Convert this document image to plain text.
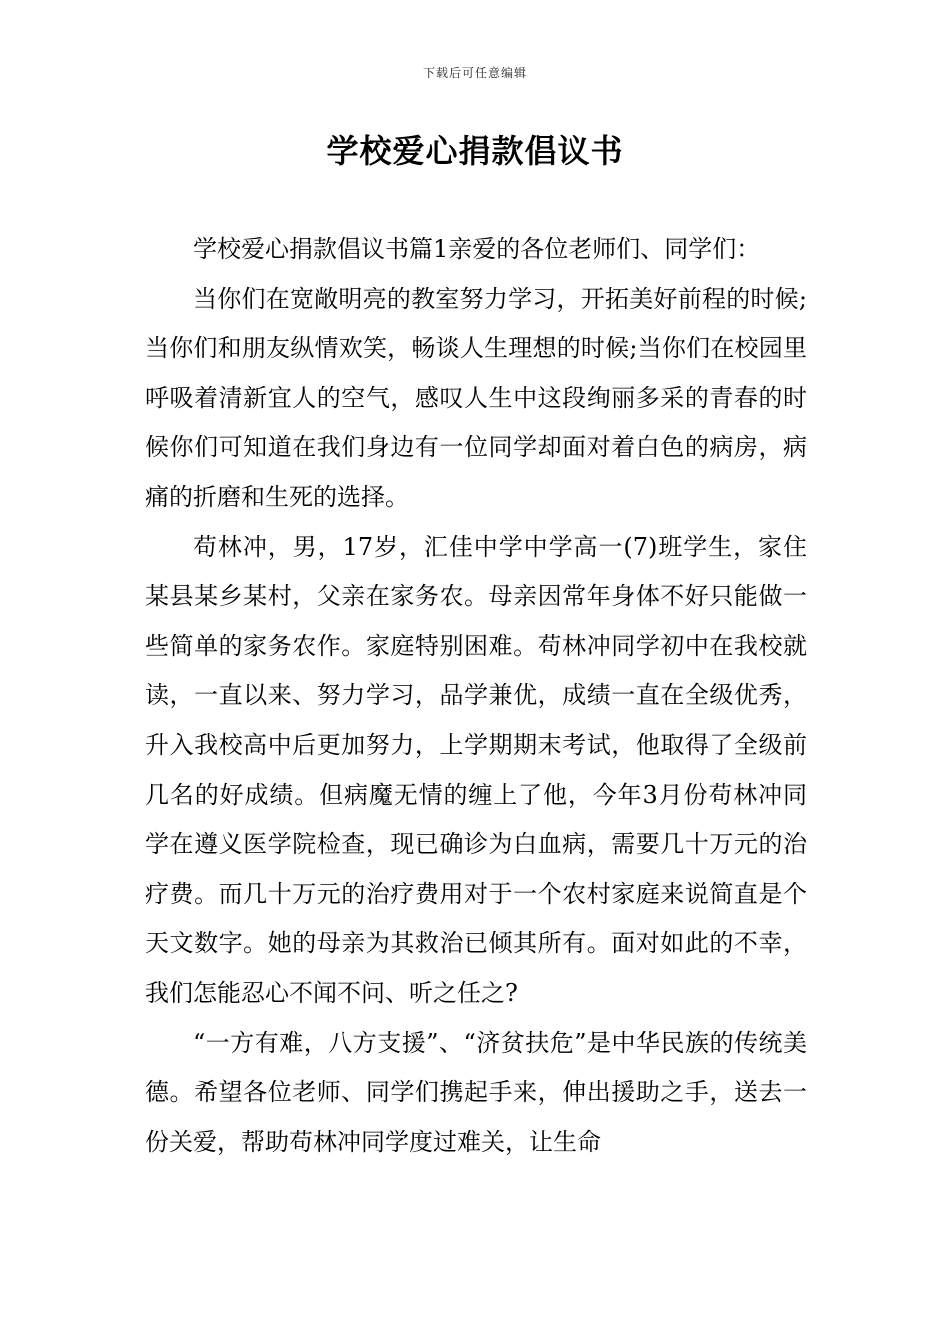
下载后可任意编辑
学校爱心捐款倡议书

学校爱心捐款倡议书篇1亲爱的各位老师们、同学们：

当你们在宽敞明亮的教室努力学习，开拓美好前程的时候;当你们和朋友纵情欢笑，畅谈人生理想的时候;当你们在校园里呼吸着清新宜人的空气，感叹人生中这段绚丽多采的青春的时候你们可知道在我们身边有一位同学却面对着白色的病房，病痛的折磨和生死的选择。

苟林冲，男，17岁，汇佳中学中学高一(7)班学生，家住某县某乡某村，父亲在家务农。母亲因常年身体不好只能做一些简单的家务农作。家庭特别困难。苟林冲同学初中在我校就读，一直以来、努力学习，品学兼优，成绩一直在全级优秀，升入我校高中后更加努力，上学期期末考试，他取得了全级前几名的好成绩。但病魔无情的缠上了他，今年3月份苟林冲同学在遵义医学院检查，现已确诊为白血病，需要几十万元的治疗费。而几十万元的治疗费用对于一个农村家庭来说简直是个天文数字。她的母亲为其救治已倾其所有。面对如此的不幸，我们怎能忍心不闻不问、听之任之?

“一方有难，八方支援”、“济贫扶危”是中华民族的传统美德。希望各位老师、同学们携起手来，伸出援助之手，送去一份关爱，帮助苟林冲同学度过难关，让生命
